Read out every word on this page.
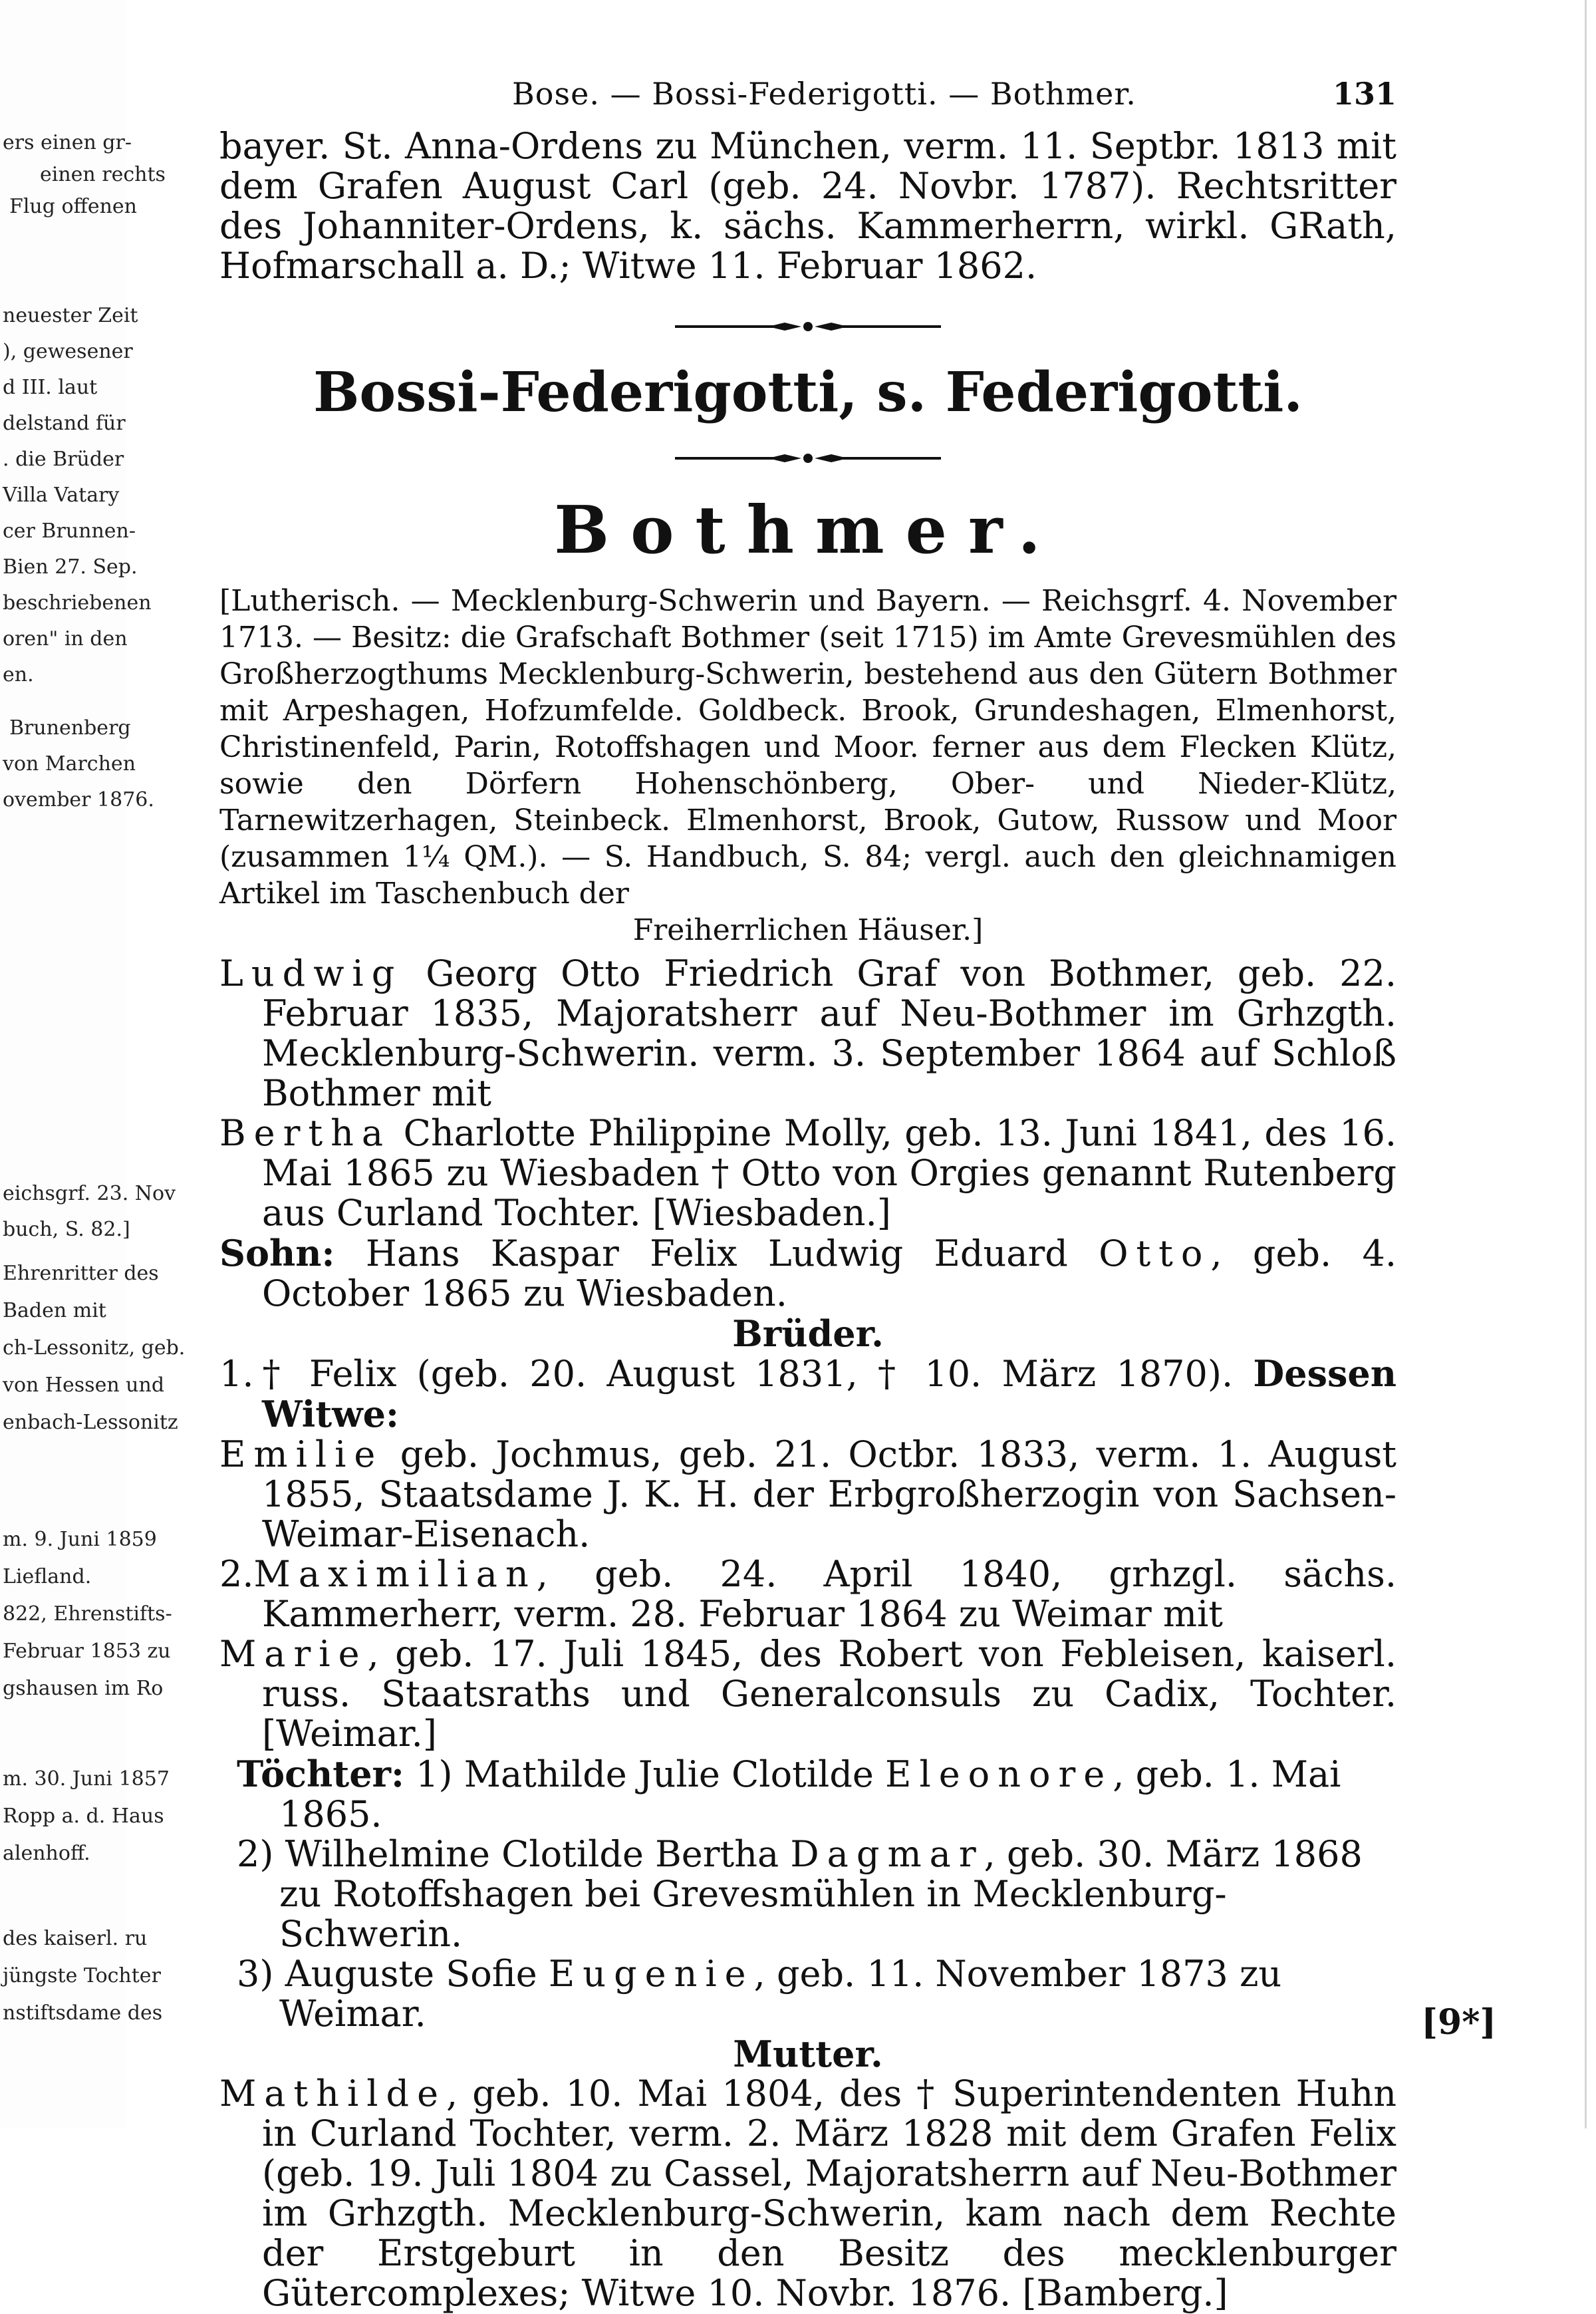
ers einen gr-
einen rechts
Flug offenen
neuester Zeit
), gewesener
d III. laut
delstand für
. die Brüder
Villa Vatary
cer Brunnen-
Bien 27. Sep.
beschriebenen
oren" in den
en.
Brunenberg
von Marchen
ovember 1876.
eichsgrf. 23. Nov
buch, S. 82.]
Ehrenritter des
Baden mit
ch-Lessonitz, geb.
von Hessen und
enbach-Lessonitz
m. 9. Juni 1859
Liefland.
822, Ehrenstifts-
Februar 1853 zu
gshausen im Ro
m. 30. Juni 1857
Ropp a. d. Haus
alenhoff.
des kaiserl. ru
jüngste Tochter
nstiftsdame des
Bose. — Bossi-Federigotti. — Bothmer.	131

bayer. St. Anna-Ordens zu München, verm. 11. Septbr. 1813 mit dem Grafen August Carl (geb. 24. Novbr. 1787). Rechtsritter des Johanniter-Ordens, k. sächs. Kammerherrn, wirkl. GRath, Hofmarschall a. D.; Witwe 11. Februar 1862.

Bossi-Federigotti, s. Federigotti.
Bothmer.

[Lutherisch. — Mecklenburg-Schwerin und Bayern. — Reichsgrf. 4. November 1713. — Besitz: die Grafschaft Bothmer (seit 1715) im Amte Grevesmühlen des Großherzogthums Mecklenburg-Schwerin, bestehend aus den Gütern Bothmer mit Arpeshagen, Hofzumfelde. Goldbeck. Brook, Grundeshagen, Elmenhorst, Christinenfeld, Parin, Rotoffshagen und Moor. ferner aus dem Flecken Klütz, sowie den Dörfern Hohenschönberg, Ober- und Nieder-Klütz, Tarnewitzerhagen, Steinbeck. Elmenhorst, Brook, Gutow, Russow und Moor (zusammen 1¼ QM.). — S. Handbuch, S. 84; vergl. auch den gleichnamigen Artikel im Taschenbuch der
Freiherrlichen Häuser.]

Ludwig Georg Otto Friedrich Graf von Bothmer, geb. 22. Februar 1835, Majoratsherr auf Neu-Bothmer im Grhzgth. Mecklenburg-Schwerin. verm. 3. September 1864 auf Schloß Bothmer mit

Bertha Charlotte Philippine Molly, geb. 13. Juni 1841, des 16. Mai 1865 zu Wiesbaden † Otto von Orgies genannt Rutenberg aus Curland Tochter. [Wiesbaden.]

Sohn: Hans Kaspar Felix Ludwig Eduard Otto, geb. 4. October 1865 zu Wiesbaden.

Brüder.

1.† Felix (geb. 20. August 1831, † 10. März 1870). Dessen Witwe:

Emilie geb. Jochmus, geb. 21. Octbr. 1833, verm. 1. August 1855, Staatsdame J. K. H. der Erbgroßherzogin von Sachsen-Weimar-Eisenach.

2.Maximilian, geb. 24. April 1840, grhzgl. sächs. Kammerherr, verm. 28. Februar 1864 zu Weimar mit

Marie, geb. 17. Juli 1845, des Robert von Febleisen, kaiserl. russ. Staatsraths und Generalconsuls zu Cadix, Tochter. [Weimar.]

Töchter: 1) Mathilde Julie Clotilde Eleonore, geb. 1. Mai 1865.

2) Wilhelmine Clotilde Bertha Dagmar, geb. 30. März 1868 zu Rotoffshagen bei Grevesmühlen in Mecklenburg-Schwerin.

3) Auguste Sofie Eugenie, geb. 11. November 1873 zu Weimar.

Mutter.

Mathilde, geb. 10. Mai 1804, des † Superintendenten Huhn in Curland Tochter, verm. 2. März 1828 mit dem Grafen Felix (geb. 19. Juli 1804 zu Cassel, Majoratsherrn auf Neu-Bothmer im Grhzgth. Mecklenburg-Schwerin, kam nach dem Rechte der Erstgeburt in den Besitz des mecklenburger Gütercomplexes; Witwe 10. Novbr. 1876. [Bamberg.]

[9*]
